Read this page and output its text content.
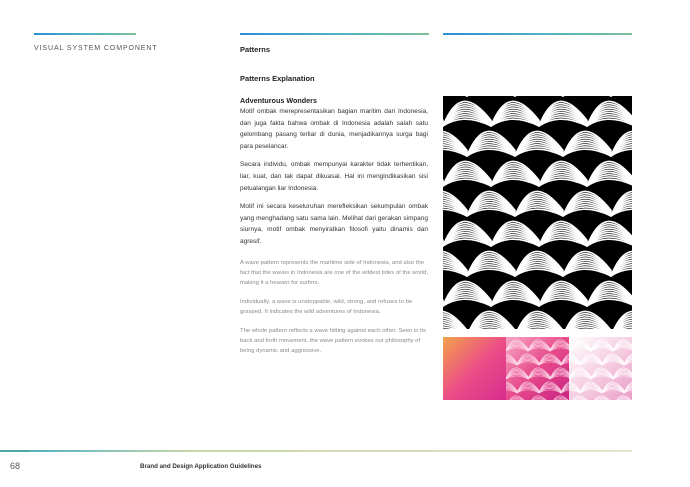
VISUAL SYSTEM COMPONENT	Patterns
Patterns Explanation
Adventurous Wonders

Motif ombak merepresentasikan bagian maritim dari Indonesia, dan juga fakta bahwa ombak di Indonesia adalah salah satu gelombang pasang terliar di dunia, menjadikannya surga bagi para peselancar.

Secara individu, ombak mempunyai karakter tidak terhentikan, liar, kuat, dan tak dapat dikuasai. Hal ini mengindikasikan sisi petualangan liar Indonesia.

Motif ini secara keseluruhan merefleksikan sekumpulan ombak yang menghadang satu sama lain. Melihat dari gerakan simpang siurnya, motif ombak menyiratkan filosofi yaitu dinamis dan agresif.

A wave pattern represents the maritime side of Indonesia, and also the fact that the waves in Indonesia are one of the wildest tides of the world, making it a heaven for surfers.

Individually, a wave is unstoppable, wild, strong, and refuses to be grasped. It indicates the wild adventures of Indonesia.

The whole pattern reflects a wave hitting against each other. Seen in its back and forth movement, the wave pattern evokes our philosophy of being dynamic and aggressive.

68	Brand and Design Application Guidelines
